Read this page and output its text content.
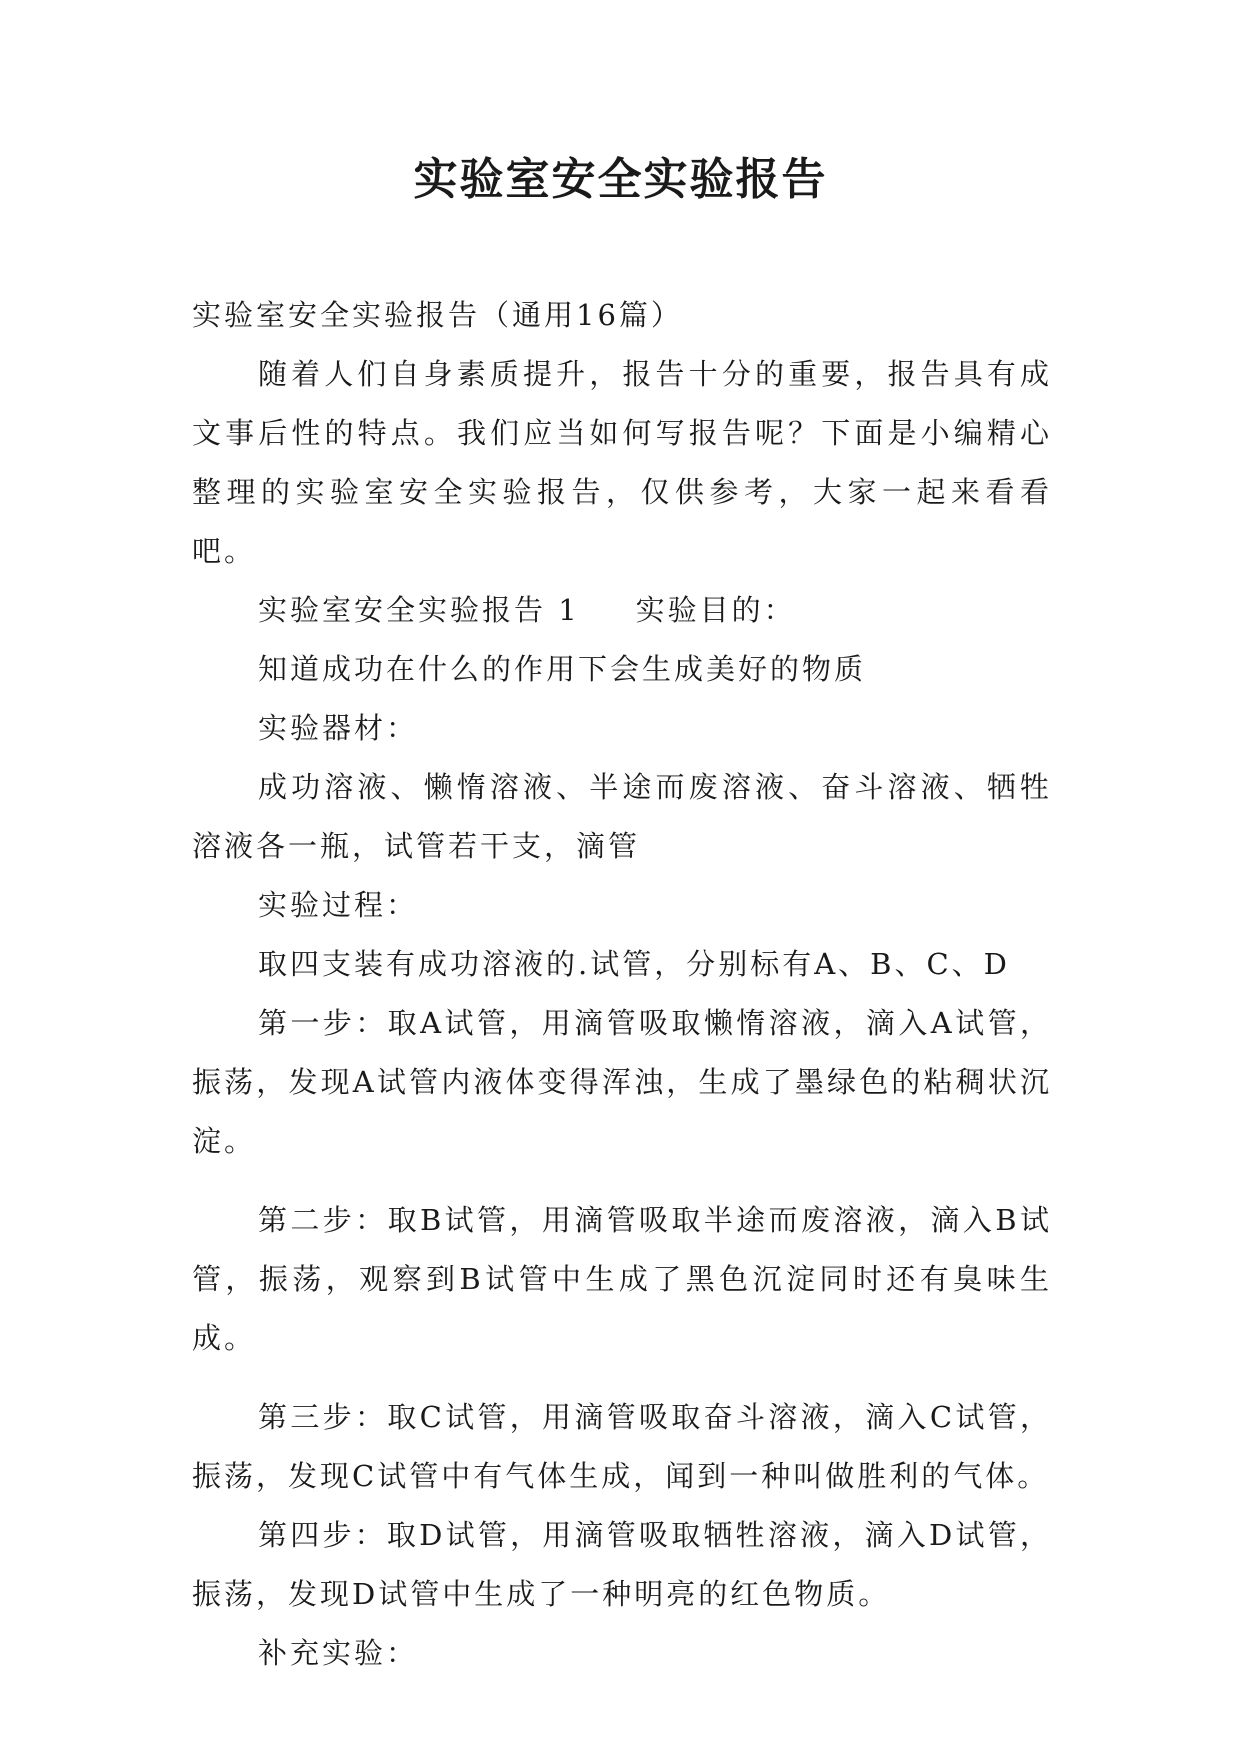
实验室安全实验报告

实验室安全实验报告（通用16篇）

随着人们自身素质提升，报告十分的重要，报告具有成文事后性的特点。我们应当如何写报告呢？下面是小编精心整理的实验室安全实验报告，仅供参考，大家一起来看看吧。

实验室安全实验报告 1 实验目的：

知道成功在什么的作用下会生成美好的物质

实验器材：

成功溶液、懒惰溶液、半途而废溶液、奋斗溶液、牺牲溶液各一瓶，试管若干支，滴管

实验过程：

取四支装有成功溶液的.试管，分别标有A、B、C、D

第一步：取A试管，用滴管吸取懒惰溶液，滴入A试管，振荡，发现A试管内液体变得浑浊，生成了墨绿色的粘稠状沉淀。

第二步：取B试管，用滴管吸取半途而废溶液，滴入B试管，振荡，观察到B试管中生成了黑色沉淀同时还有臭味生成。

第三步：取C试管，用滴管吸取奋斗溶液，滴入C试管，振荡，发现C试管中有气体生成，闻到一种叫做胜利的气体。

第四步：取D试管，用滴管吸取牺牲溶液，滴入D试管，振荡，发现D试管中生成了一种明亮的红色物质。

补充实验：
